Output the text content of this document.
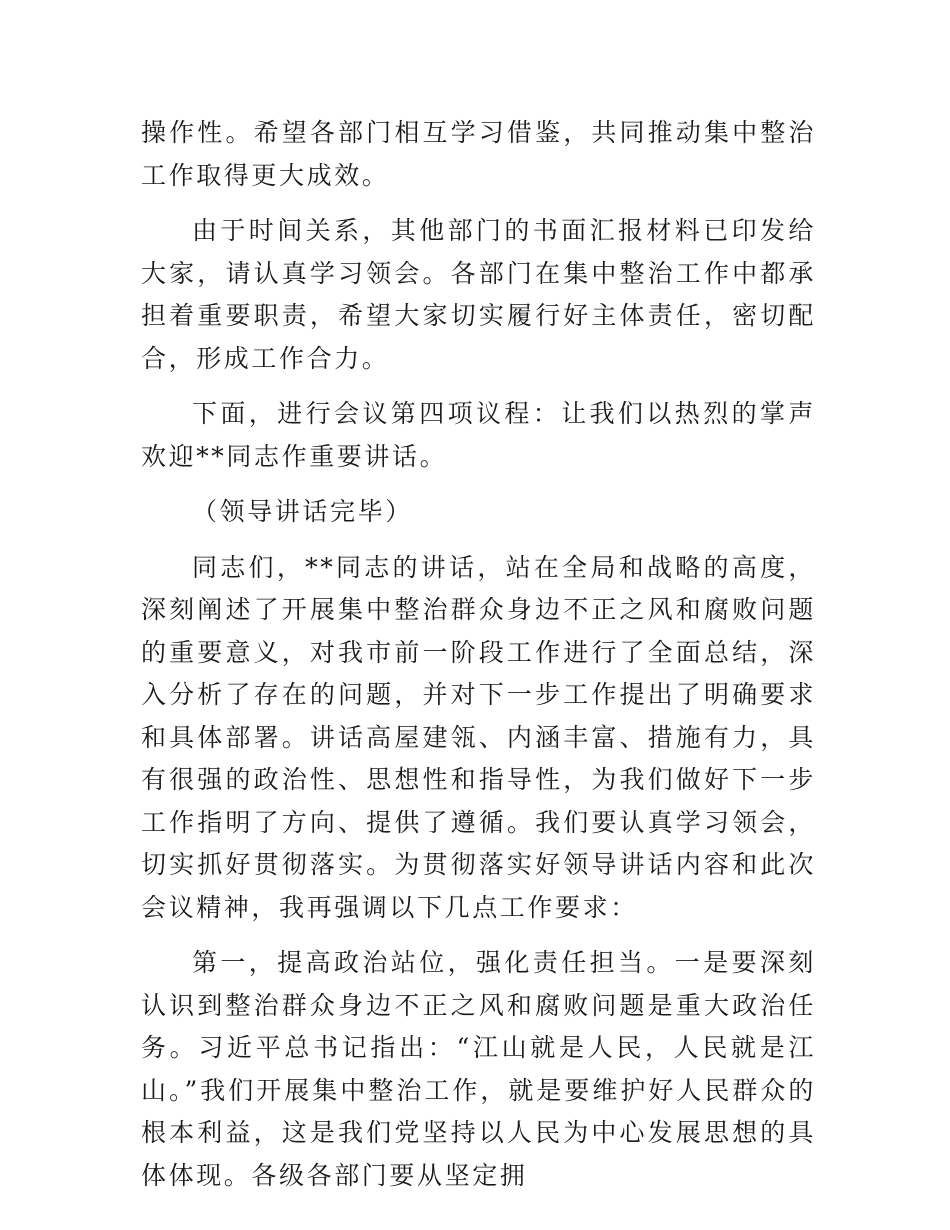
操作性。希望各部门相互学习借鉴，共同推动集中整治工作取得更大成效。

由于时间关系，其他部门的书面汇报材料已印发给大家，请认真学习领会。各部门在集中整治工作中都承担着重要职责，希望大家切实履行好主体责任，密切配合，形成工作合力。

下面，进行会议第四项议程：让我们以热烈的掌声欢迎**同志作重要讲话。

（领导讲话完毕）

同志们，**同志的讲话，站在全局和战略的高度，深刻阐述了开展集中整治群众身边不正之风和腐败问题的重要意义，对我市前一阶段工作进行了全面总结，深入分析了存在的问题，并对下一步工作提出了明确要求和具体部署。讲话高屋建瓴、内涵丰富、措施有力，具有很强的政治性、思想性和指导性，为我们做好下一步工作指明了方向、提供了遵循。我们要认真学习领会，切实抓好贯彻落实。为贯彻落实好领导讲话内容和此次会议精神，我再强调以下几点工作要求：

第一，提高政治站位，强化责任担当。一是要深刻认识到整治群众身边不正之风和腐败问题是重大政治任务。习近平总书记指出：“江山就是人民，人民就是江山。”我们开展集中整治工作，就是要维护好人民群众的根本利益，这是我们党坚持以人民为中心发展思想的具体体现。各级各部门要从坚定拥
